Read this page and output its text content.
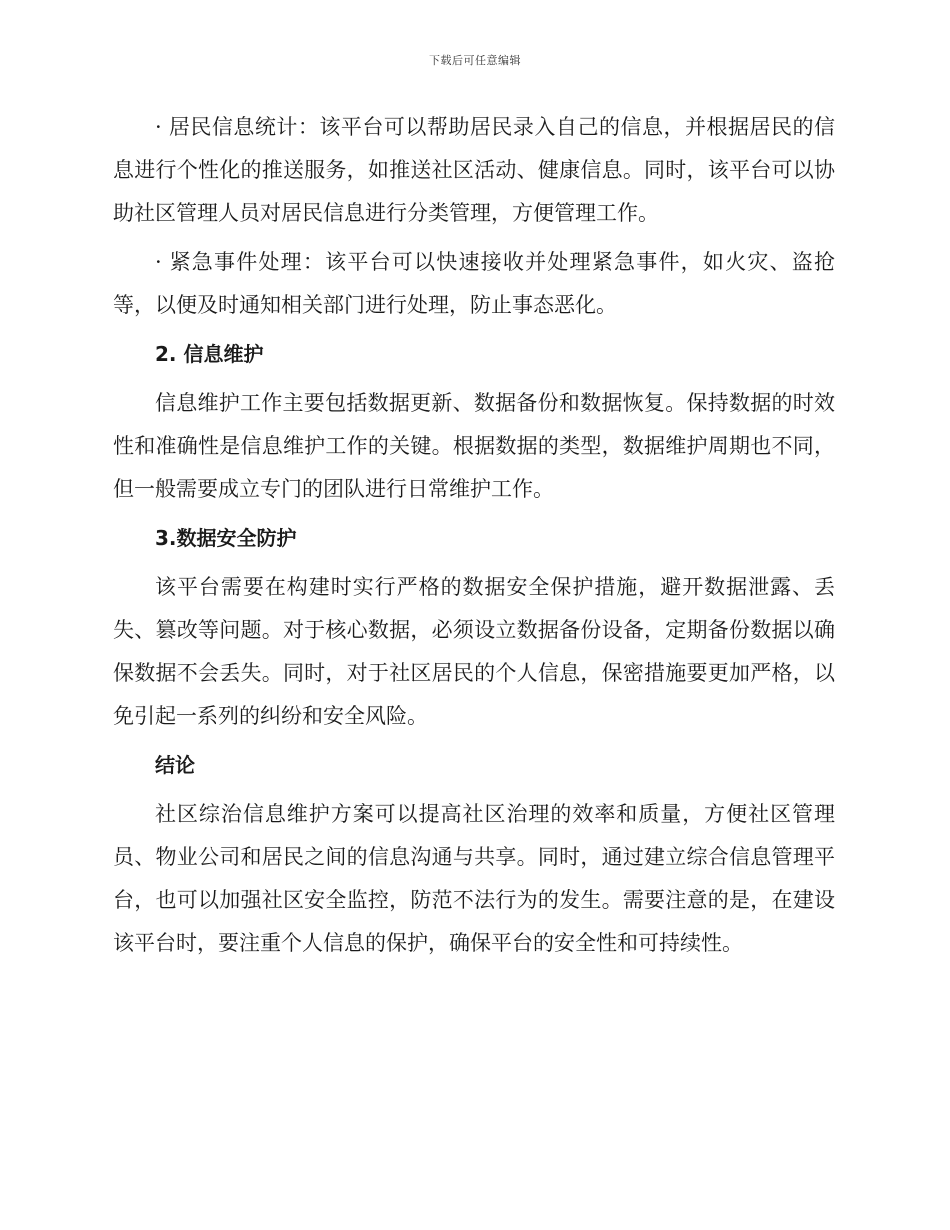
下载后可任意编辑

· 居民信息统计：该平台可以帮助居民录入自己的信息，并根据居民的信息进行个性化的推送服务，如推送社区活动、健康信息。同时，该平台可以协助社区管理人员对居民信息进行分类管理，方便管理工作。

· 紧急事件处理：该平台可以快速接收并处理紧急事件，如火灾、盗抢等，以便及时通知相关部门进行处理，防止事态恶化。

2. 信息维护

信息维护工作主要包括数据更新、数据备份和数据恢复。保持数据的时效性和准确性是信息维护工作的关键。根据数据的类型，数据维护周期也不同，但一般需要成立专门的团队进行日常维护工作。

3.数据安全防护

该平台需要在构建时实行严格的数据安全保护措施，避开数据泄露、丢失、篡改等问题。对于核心数据，必须设立数据备份设备，定期备份数据以确保数据不会丢失。同时，对于社区居民的个人信息，保密措施要更加严格，以免引起一系列的纠纷和安全风险。

结论

社区综治信息维护方案可以提高社区治理的效率和质量，方便社区管理员、物业公司和居民之间的信息沟通与共享。同时，通过建立综合信息管理平台，也可以加强社区安全监控，防范不法行为的发生。需要注意的是，在建设该平台时，要注重个人信息的保护，确保平台的安全性和可持续性。
